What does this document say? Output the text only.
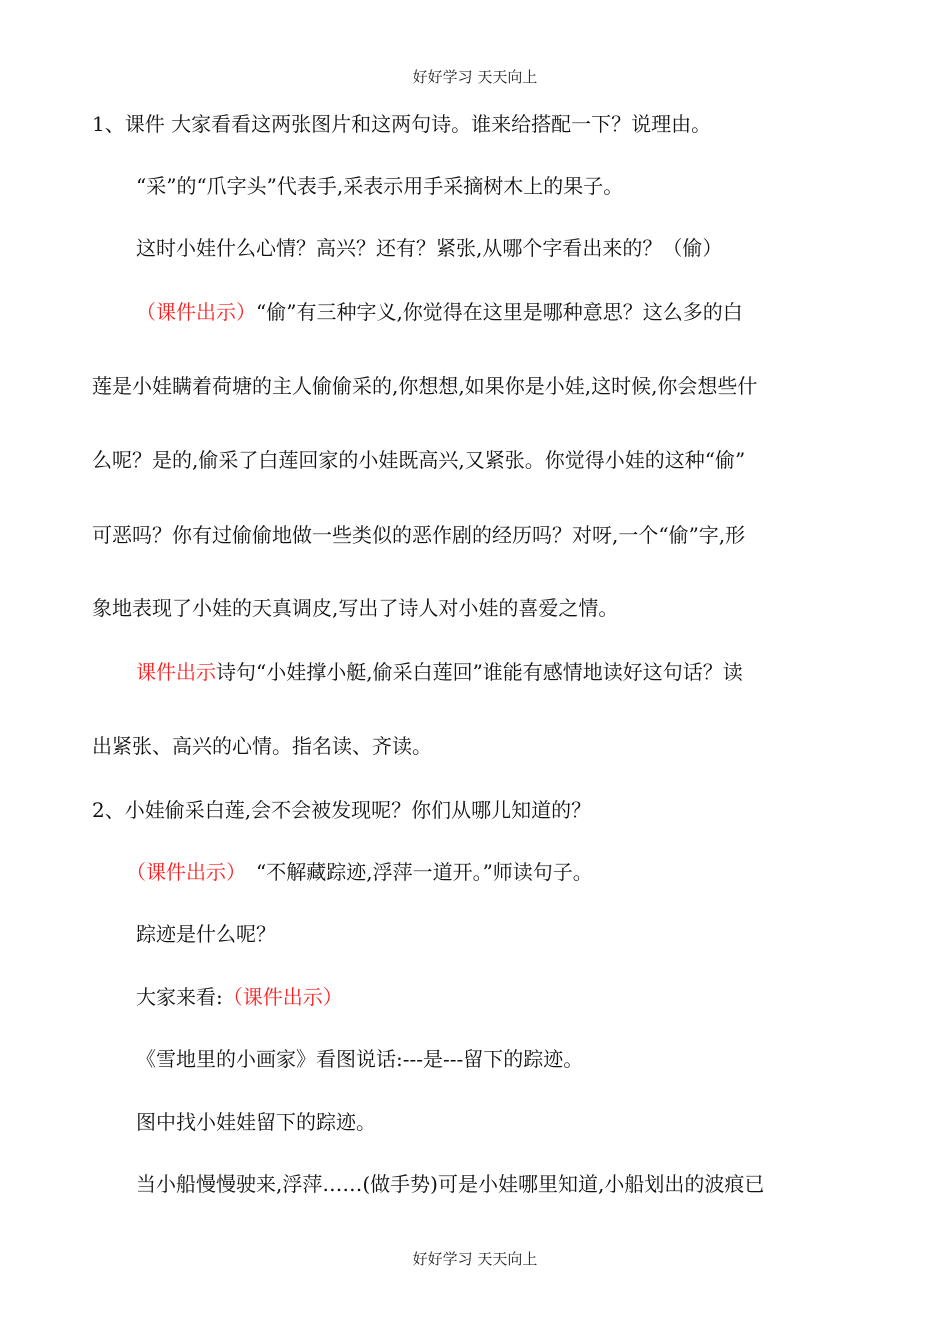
好好学习 天天向上
1、课件 大家看看这两张图片和这两句诗。谁来给搭配一下？说理由。
“采”的“爪字头”代表手,采表示用手采摘树木上的果子。
这时小娃什么心情？高兴？还有？紧张,从哪个字看出来的？（偷）
（课件出示）“偷”有三种字义,你觉得在这里是哪种意思？这么多的白
莲是小娃瞒着荷塘的主人偷偷采的,你想想,如果你是小娃,这时候,你会想些什
么呢？是的,偷采了白莲回家的小娃既高兴,又紧张。你觉得小娃的这种“偷”
可恶吗？你有过偷偷地做一些类似的恶作剧的经历吗？对呀,一个“偷”字,形
象地表现了小娃的天真调皮,写出了诗人对小娃的喜爱之情。
课件出示诗句“小娃撑小艇,偷采白莲回”谁能有感情地读好这句话？读
出紧张、高兴的心情。指名读、齐读。
2、小娃偷采白莲,会不会被发现呢？你们从哪儿知道的？
（课件出示） “不解藏踪迹,浮萍一道开。”师读句子。
踪迹是什么呢？
大家来看:（课件出示）
《雪地里的小画家》看图说话:---是---留下的踪迹。
图中找小娃娃留下的踪迹。
当小船慢慢驶来,浮萍……(做手势)可是小娃哪里知道,小船划出的波痕已
好好学习 天天向上
